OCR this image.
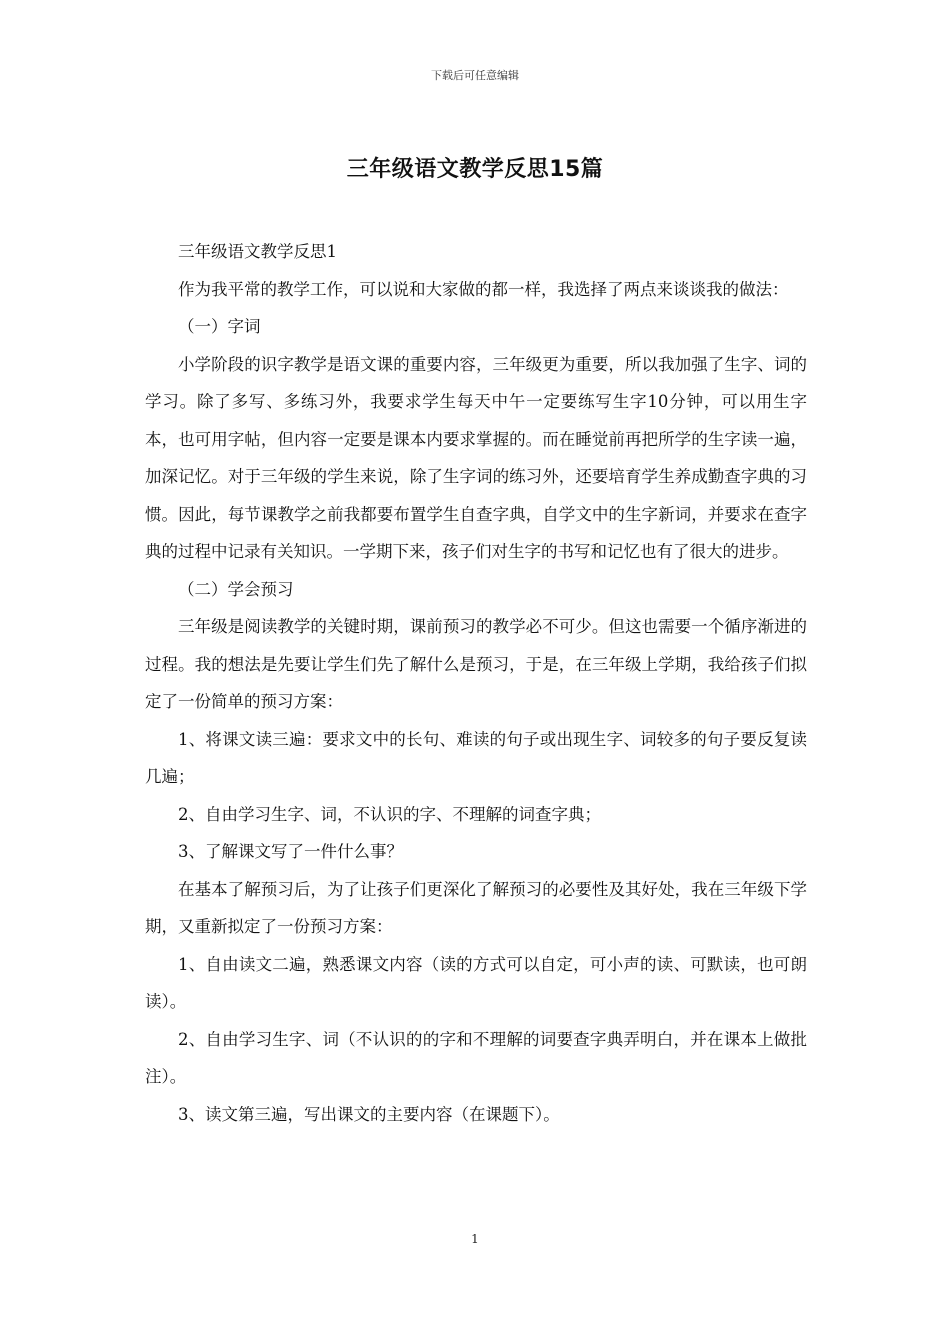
下载后可任意编辑
三年级语文教学反思15篇

三年级语文教学反思1

作为我平常的教学工作，可以说和大家做的都一样，我选择了两点来谈谈我的做法：

（一）字词

小学阶段的识字教学是语文课的重要内容，三年级更为重要，所以我加强了生字、词的学习。除了多写、多练习外，我要求学生每天中午一定要练写生字10分钟，可以用生字本，也可用字帖，但内容一定要是课本内要求掌握的。而在睡觉前再把所学的生字读一遍，加深记忆。对于三年级的学生来说，除了生字词的练习外，还要培育学生养成勤查字典的习惯。因此，每节课教学之前我都要布置学生自查字典，自学文中的生字新词，并要求在查字典的过程中记录有关知识。一学期下来，孩子们对生字的书写和记忆也有了很大的进步。

（二）学会预习

三年级是阅读教学的关键时期，课前预习的教学必不可少。但这也需要一个循序渐进的过程。我的想法是先要让学生们先了解什么是预习，于是，在三年级上学期，我给孩子们拟定了一份简单的预习方案：

1、将课文读三遍：要求文中的长句、难读的句子或出现生字、词较多的句子要反复读几遍；

2、自由学习生字、词，不认识的字、不理解的词查字典；

3、了解课文写了一件什么事？

在基本了解预习后，为了让孩子们更深化了解预习的必要性及其好处，我在三年级下学期，又重新拟定了一份预习方案：

1、自由读文二遍，熟悉课文内容（读的方式可以自定，可小声的读、可默读，也可朗读）。

2、自由学习生字、词（不认识的的字和不理解的词要查字典弄明白，并在课本上做批注）。

3、读文第三遍，写出课文的主要内容（在课题下）。

1
